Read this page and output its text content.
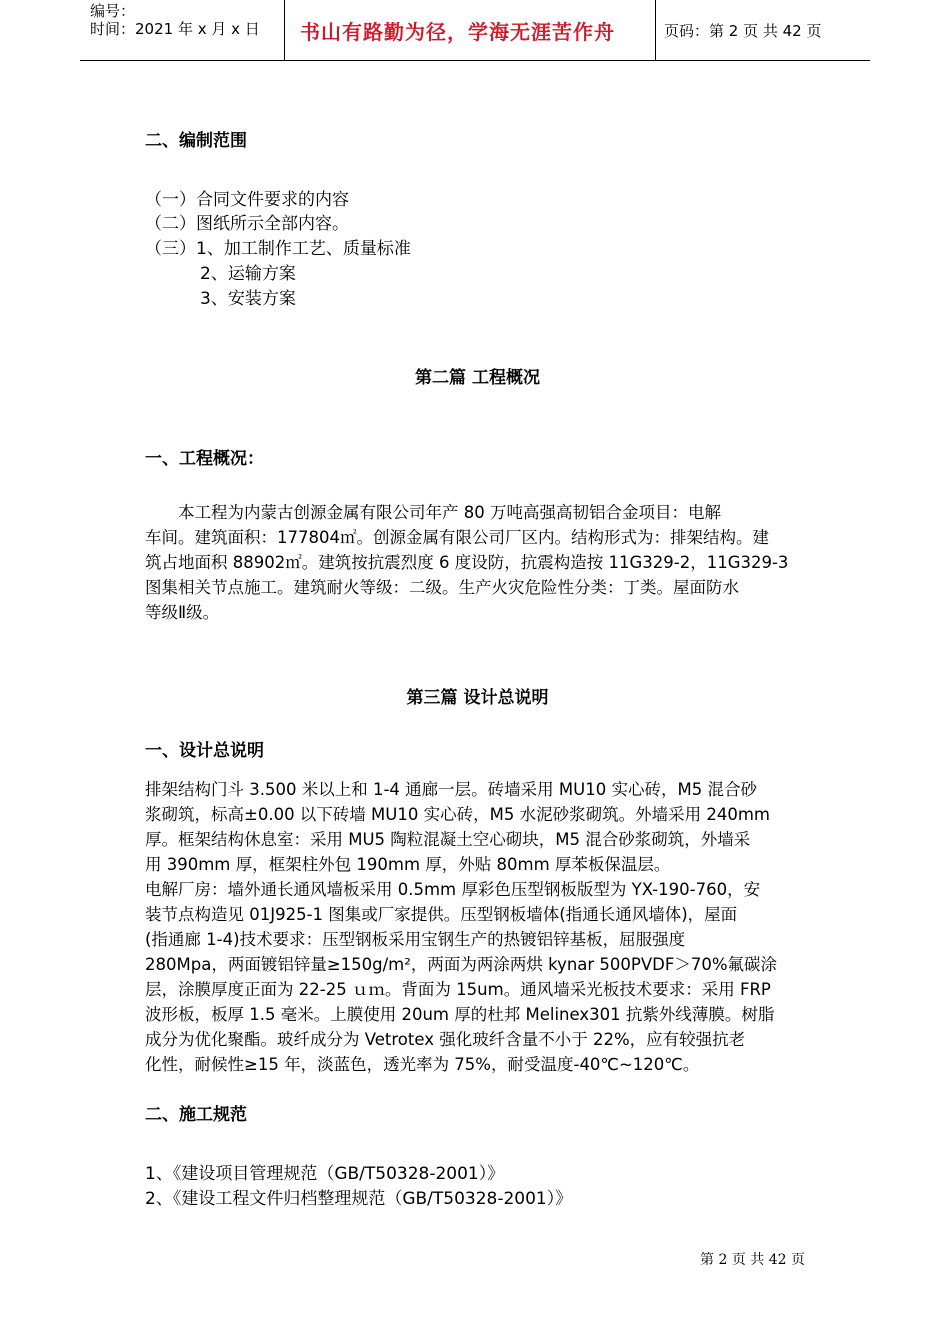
编号：
时间：2021 年 x 月 x 日 书山有路勤为径，学海无涯苦作舟	页码：第 2 页 共 42 页
二、编制范围
（一）合同文件要求的内容
（二）图纸所示全部内容。
（三）1、加工制作工艺、质量标准
2、运输方案
3、安装方案
第二篇 工程概况
一、工程概况：
本工程为内蒙古创源金属有限公司年产 80 万吨高强高韧铝合金项目：电解
车间。建筑面积：177804㎡。创源金属有限公司厂区内。结构形式为：排架结构。建
筑占地面积 88902㎡。建筑按抗震烈度 6 度设防，抗震构造按 11G329-2，11G329-3
图集相关节点施工。建筑耐火等级：二级。生产火灾危险性分类：丁类。屋面防水
等级Ⅱ级。
第三篇 设计总说明
一、设计总说明
排架结构门斗 3.500 米以上和 1-4 通廊一层。砖墙采用 MU10 实心砖，M5 混合砂
浆砌筑，标高±0.00 以下砖墙 MU10 实心砖，M5 水泥砂浆砌筑。外墙采用 240mm
厚。框架结构休息室：采用 MU5 陶粒混凝土空心砌块，M5 混合砂浆砌筑，外墙采
用 390mm 厚，框架柱外包 190mm 厚，外贴 80mm 厚苯板保温层。
电解厂房：墙外通长通风墙板采用 0.5mm 厚彩色压型钢板版型为 YX-190-760，安
装节点构造见 01J925-1 图集或厂家提供。压型钢板墙体(指通长通风墙体)，屋面
(指通廊 1-4)技术要求：压型钢板采用宝钢生产的热镀铝锌基板，屈服强度
280Mpa，两面镀铝锌量≥150g/m²，两面为两涂两烘 kynar 500PVDF＞70%氟碳涂
层，涂膜厚度正面为 22-25 ｕｍ。背面为 15um。通风墙采光板技术要求：采用 FRP
波形板，板厚 1.5 毫米。上膜使用 20um 厚的杜邦 Melinex301 抗紫外线薄膜。树脂
成分为优化聚酯。玻纤成分为 Vetrotex 强化玻纤含量不小于 22%，应有较强抗老
化性，耐候性≥15 年，淡蓝色，透光率为 75%，耐受温度-40℃~120℃。
二、施工规范
1、《建设项目管理规范（GB/T50328-2001）》
2、《建设工程文件归档整理规范（GB/T50328-2001）》
第 2 页 共 42 页
